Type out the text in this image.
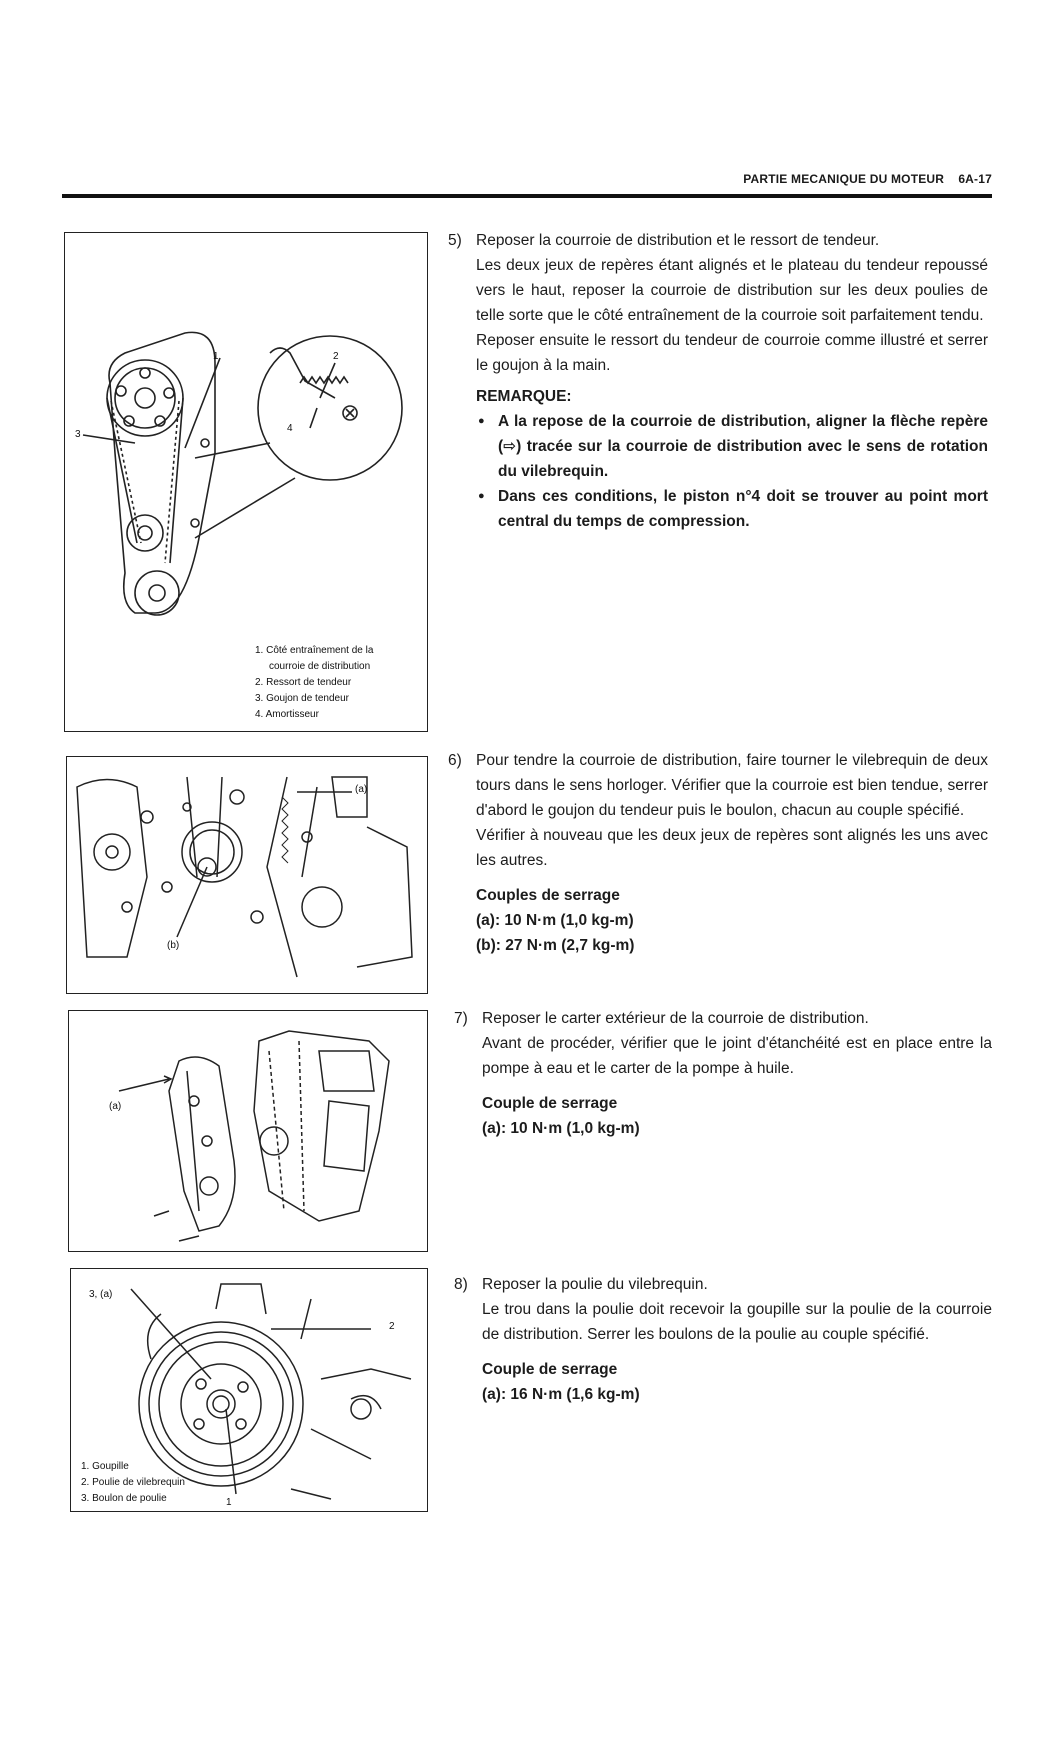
PARTIE MECANIQUE DU MOTEUR 6A-17
1	2
3
4
1. Côté entraînement de la
courroie de distribution
2. Ressort de tendeur
3. Goujon de tendeur
4. Amortisseur
5) Reposer la courroie de distribution et le ressort de tendeur.

Les deux jeux de repères étant alignés et le plateau du tendeur repoussé vers le haut, reposer la courroie de distribution sur les deux poulies de telle sorte que le côté entraînement de la courroie soit parfaitement tendu.

Reposer ensuite le ressort du tendeur de courroie comme illustré et serrer le goujon à la main.

REMARQUE:
● A la repose de la courroie de distribution, aligner la flèche repère (⇨) tracée sur la courroie de distribution avec le sens de rotation du vilebrequin.
● Dans ces conditions, le piston n°4 doit se trouver au point mort central du temps de compression.
(a)
(b)
6) Pour tendre la courroie de distribution, faire tourner le vilebrequin de deux tours dans le sens horloger. Vérifier que la courroie est bien tendue, serrer d'abord le goujon du tendeur puis le boulon, chacun au couple spécifié.

Vérifier à nouveau que les deux jeux de repères sont alignés les uns avec les autres.

Couples de serrage
(a): 10 N·m (1,0 kg-m)
(b): 27 N·m (2,7 kg-m)
(a)
7) Reposer le carter extérieur de la courroie de distribution.

Avant de procéder, vérifier que le joint d'étanchéité est en place entre la pompe à eau et le carter de la pompe à huile.

Couple de serrage
(a): 10 N·m (1,0 kg-m)
3, (a)
2
1
1. Goupille
2. Poulie de vilebrequin
3. Boulon de poulie
8) Reposer la poulie du vilebrequin.

Le trou dans la poulie doit recevoir la goupille sur la poulie de la courroie de distribution. Serrer les boulons de la poulie au couple spécifié.

Couple de serrage
(a): 16 N·m (1,6 kg-m)
